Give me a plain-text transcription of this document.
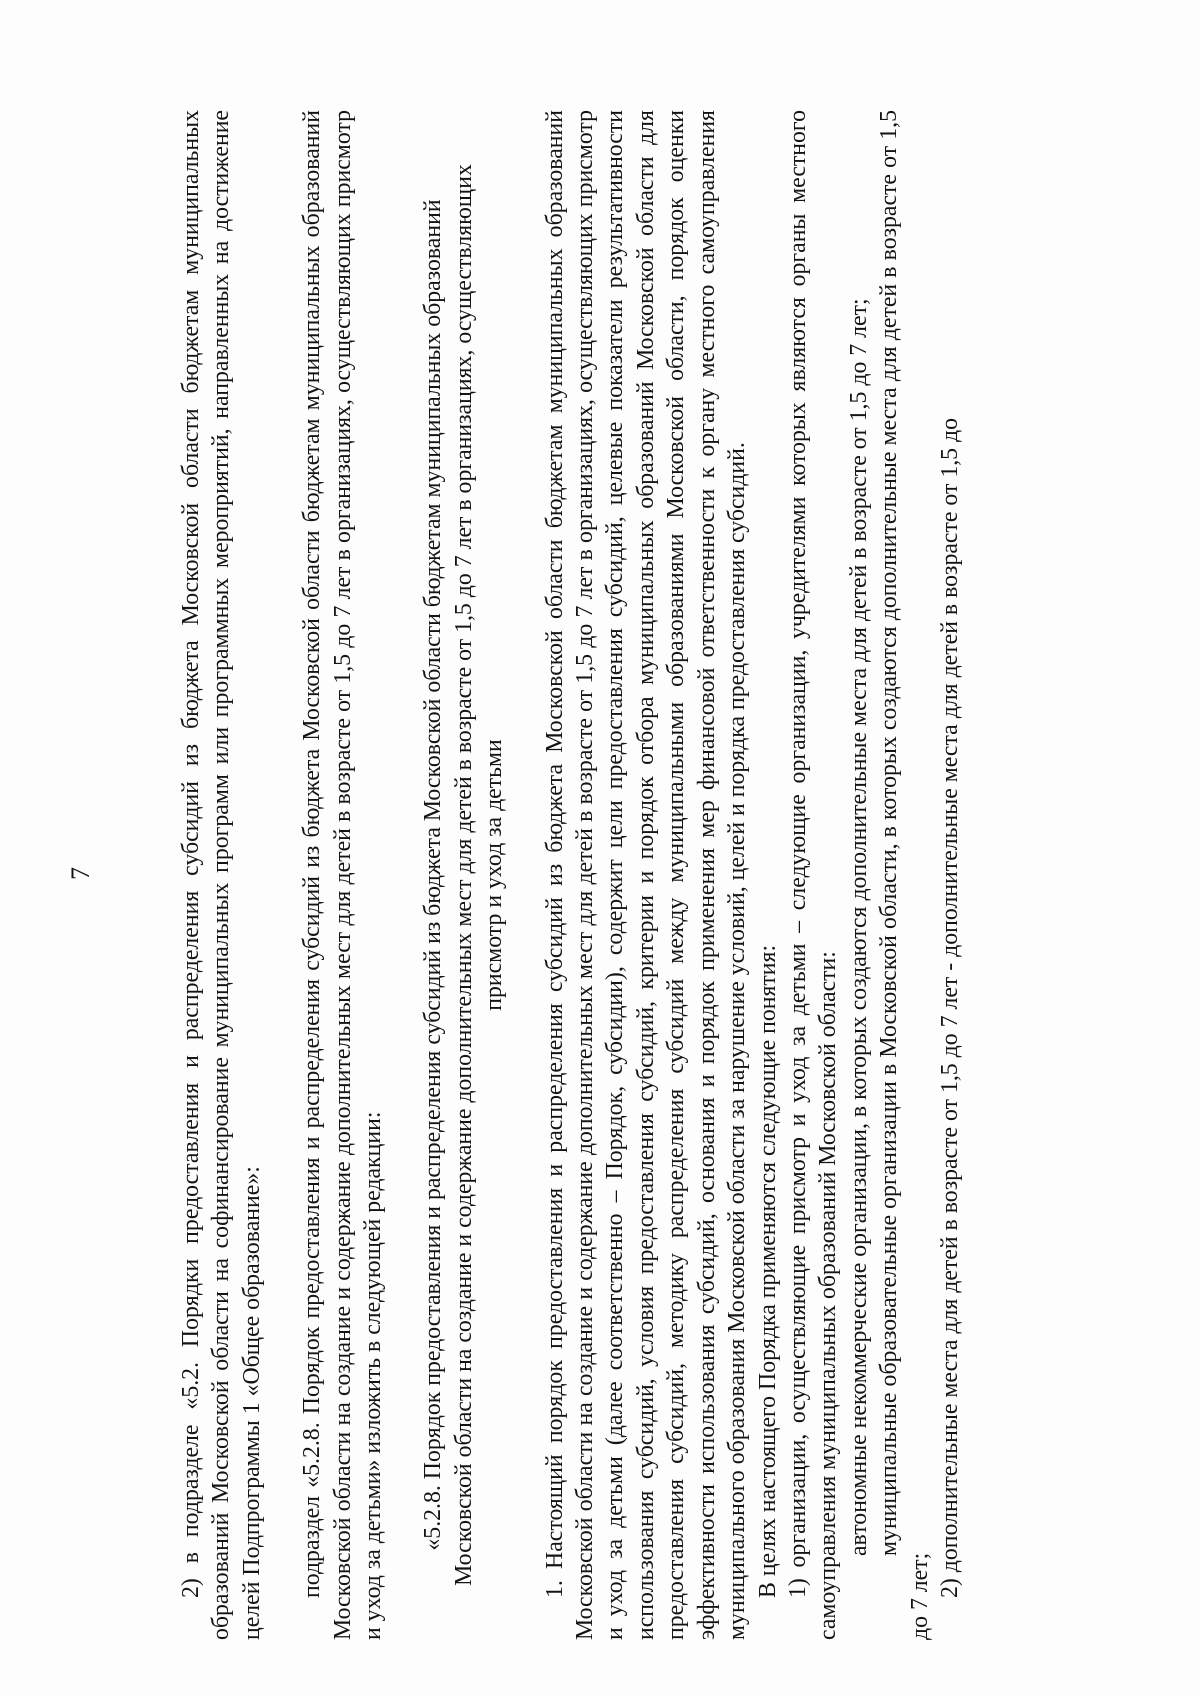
7	2) в подразделе «5.2. Порядки предоставления и распределения субсидий из бюджета Московской области бюджетам муниципальных образований Московской области на софинансирование муниципальных программ или программных мероприятий, направленных на достижение целей Подпрограммы 1 «Общее образование»: подраздел «5.2.8. Порядок предоставления и распределения субсидий из бюджета Московской области бюджетам муниципальных образований Московской области на создание и содержание дополнительных мест для детей в возрасте от 1,5 до 7 лет в организациях, осуществляющих присмотр и уход за детьми» изложить в следующей редакции: «5.2.8. Порядок предоставления и распределения субсидий из бюджета Московской области бюджетам муниципальных образований Московской области на создание и содержание дополнительных мест для детей в возрасте от 1,5 до 7 лет в организациях, осуществляющих присмотр и уход за детьми 1. Настоящий порядок предоставления и распределения субсидий из бюджета Московской области бюджетам муниципальных образований Московской области на создание и содержание дополнительных мест для детей в возрасте от 1,5 до 7 лет в организациях, осуществляющих присмотр и уход за детьми (далее соответственно – Порядок, субсидии), содержит цели предоставления субсидий, целевые показатели результативности использования субсидий, условия предоставления субсидий, критерии и порядок отбора муниципальных образований Московской области для предоставления субсидий, методику распределения субсидий между муниципальными образованиями Московской области, порядок оценки эффективности использования субсидий, основания и порядок применения мер финансовой ответственности к органу местного самоуправления муниципального образования Московской области за нарушение условий, целей и порядка предоставления субсидий. В целях настоящего Порядка применяются следующие понятия: 1) организации, осуществляющие присмотр и уход за детьми – следующие организации, учредителями которых являются органы местного самоуправления муниципальных образований Московской области: автономные некоммерческие организации, в которых создаются дополнительные места для детей в возрасте от 1,5 до 7 лет; муниципальные образовательные организации в Московской области, в которых создаются дополнительные места для детей в возрасте от 1,5 до 7 лет; 2) дополнительные места для детей в возрасте от 1,5 до 7 лет - дополнительные места для детей в возрасте от 1,5 до
